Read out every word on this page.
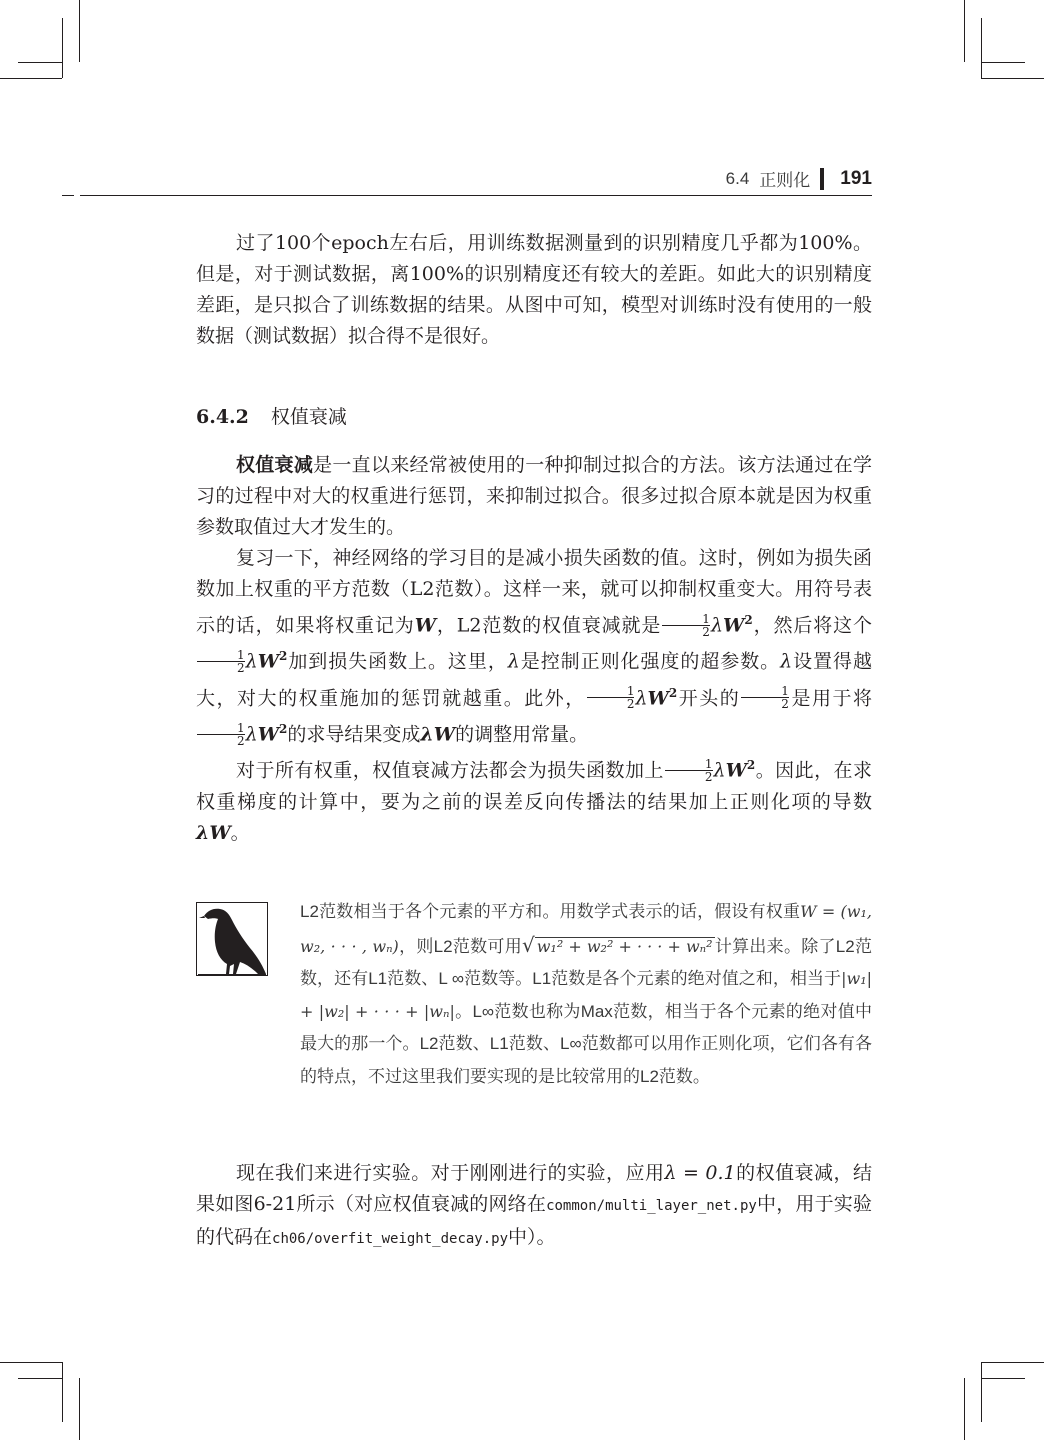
6.4 正则化 191

过了100个epoch左右后，用训练数据测量到的识别精度几乎都为100%。但是，对于测试数据，离100%的识别精度还有较大的差距。如此大的识别精度差距，是只拟合了训练数据的结果。从图中可知，模型对训练时没有使用的一般数据（测试数据）拟合得不是很好。

6.4.2 权值衰减

权值衰减是一直以来经常被使用的一种抑制过拟合的方法。该方法通过在学习的过程中对大的权重进行惩罚，来抑制过拟合。很多过拟合原本就是因为权重参数取值过大才发生的。

复习一下，神经网络的学习目的是减小损失函数的值。这时，例如为损失函数加上权重的平方范数（L2范数）。这样一来，就可以抑制权重变大。用符号表示的话，如果将权重记为W，L2范数的权值衰减就是 $\frac{1}{2} \lambda W^2$，然后将这个
$\frac{1}{2} \lambda W^2$加到损失函数上。这里，λ是控制正则化强度的超参数。λ设置得越大，对大的权重施加的惩罚就越重。此外， $\frac{1}{2} \lambda W^2$开头的 $\frac{1}{2}$ 是用于将
$\frac{1}{2} \lambda W^2$的求导结果变成λW的调整用常量。

对于所有权重，权值衰减方法都会为损失函数加上 $\frac{1}{2} \lambda W^2$。因此，在求权重梯度的计算中，要为之前的误差反向传播法的结果加上正则化项的导数λW。

L2范数相当于各个元素的平方和。用数学式表示的话，假设有权重W = (w₁, w₂, · · · , wₙ)，则L2范数可用√ w₁² + w₂² + · · · + wₙ² 计算出来。除了L2范数，还有L1范数、L ∞范数等。L1范数是各个元素的绝对值之和，相当于|w₁| + |w₂| + · · · + |wₙ|。L∞范数也称为Max范数，相当于各个元素的绝对值中最大的那一个。L2范数、L1范数、L∞范数都可以用作正则化项，它们各有各的特点，不过这里我们要实现的是比较常用的L2范数。

现在我们来进行实验。对于刚刚进行的实验，应用λ = 0.1的权值衰减，结果如图6-21所示（对应权值衰减的网络在common/multi_layer_net.py中，用于实验的代码在ch06/overfit_weight_decay.py中）。
